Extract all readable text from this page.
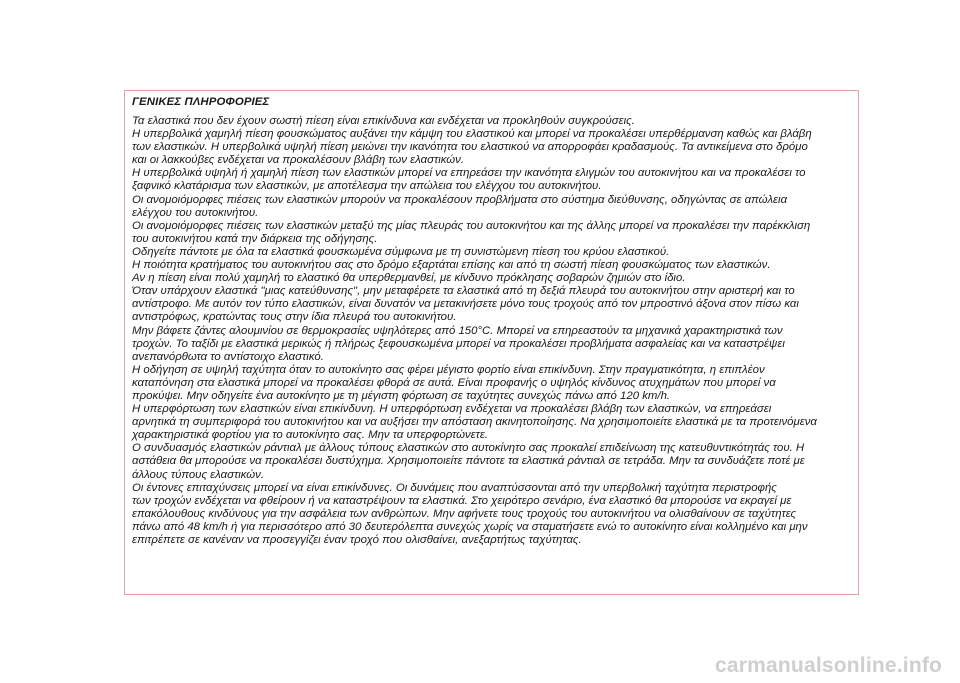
ΓΕΝΙΚΕΣ ΠΛΗΡΟΦΟΡΙΕΣ

Τα ελαστικά που δεν έχουν σωστή πίεση είναι επικίνδυνα και ενδέχεται να προκληθούν συγκρούσεις.

Η υπερβολικά χαμηλή πίεση φουσκώματος αυξάνει την κάμψη του ελαστικού και μπορεί να προκαλέσει υπερθέρμανση καθώς και βλάβη

των ελαστικών. Η υπερβολικά υψηλή πίεση μειώνει την ικανότητα του ελαστικού να απορροφάει κραδασμούς. Τα αντικείμενα στο δρόμο

και οι λακκούβες ενδέχεται να προκαλέσουν βλάβη των ελαστικών.

Η υπερβολικά υψηλή ή χαμηλή πίεση των ελαστικών μπορεί να επηρεάσει την ικανότητα ελιγμών του αυτοκινήτου και να προκαλέσει το

ξαφνικό κλατάρισμα των ελαστικών, με αποτέλεσμα την απώλεια του ελέγχου του αυτοκινήτου.

Οι ανομοιόμορφες πιέσεις των ελαστικών μπορούν να προκαλέσουν προβλήματα στο σύστημα διεύθυνσης, οδηγώντας σε απώλεια

ελέγχου του αυτοκινήτου.

Οι ανομοιόμορφες πιέσεις των ελαστικών μεταξύ της μίας πλευράς του αυτοκινήτου και της άλλης μπορεί να προκαλέσει την παρέκκλιση

του αυτοκινήτου κατά την διάρκεια της οδήγησης.

Οδηγείτε πάντοτε με όλα τα ελαστικά φουσκωμένα σύμφωνα με τη συνιστώμενη πίεση του κρύου ελαστικού.

Η ποιότητα κρατήματος του αυτοκινήτου σας στο δρόμο εξαρτάται επίσης και από τη σωστή πίεση φουσκώματος των ελαστικών.

Αν η πίεση είναι πολύ χαμηλή το ελαστικό θα υπερθερμανθεί, με κίνδυνο πρόκλησης σοβαρών ζημιών στο ίδιο.

Όταν υπάρχουν ελαστικά "μιας κατεύθυνσης", μην μεταφέρετε τα ελαστικά από τη δεξιά πλευρά του αυτοκινήτου στην αριστερή και το

αντίστροφο. Με αυτόν τον τύπο ελαστικών, είναι δυνατόν να μετακινήσετε μόνο τους τροχούς από τον μπροστινό άξονα στον πίσω και

αντιστρόφως, κρατώντας τους στην ίδια πλευρά του αυτοκινήτου.

Μην βάφετε ζάντες αλουμινίου σε θερμοκρασίες υψηλότερες από 150°C. Μπορεί να επηρεαστούν τα μηχανικά χαρακτηριστικά των

τροχών. Το ταξίδι με ελαστικά μερικώς ή πλήρως ξεφουσκωμένα μπορεί να προκαλέσει προβλήματα ασφαλείας και να καταστρέψει

ανεπανόρθωτα το αντίστοιχο ελαστικό.

Η οδήγηση σε υψηλή ταχύτητα όταν το αυτοκίνητο σας φέρει μέγιστο φορτίο είναι επικίνδυνη. Στην πραγματικότητα, η επιπλέον

καταπόνηση στα ελαστικά μπορεί να προκαλέσει φθορά σε αυτά. Είναι προφανής ο υψηλός κίνδυνος ατυχημάτων που μπορεί να

προκύψει. Μην οδηγείτε ένα αυτοκίνητο με τη μέγιστη φόρτωση σε ταχύτητες συνεχώς πάνω από 120 km/h.

Η υπερφόρτωση των ελαστικών είναι επικίνδυνη. Η υπερφόρτωση ενδέχεται να προκαλέσει βλάβη των ελαστικών, να επηρεάσει

αρνητικά τη συμπεριφορά του αυτοκινήτου και να αυξήσει την απόσταση ακινητοποίησης. Να χρησιμοποιείτε ελαστικά με τα προτεινόμενα

χαρακτηριστικά φορτίου για το αυτοκίνητο σας. Μην τα υπερφορτώνετε.

Ο συνδυασμός ελαστικών ράντιαλ με άλλους τύπους ελαστικών στο αυτοκίνητο σας προκαλεί επιδείνωση της κατευθυντικότητάς του. Η

αστάθεια θα μπορούσε να προκαλέσει δυστύχημα. Χρησιμοποιείτε πάντοτε τα ελαστικά ράντιαλ σε τετράδα. Μην τα συνδυάζετε ποτέ με

άλλους τύπους ελαστικών.

Οι έντονες επιταχύνσεις μπορεί να είναι επικίνδυνες. Οι δυνάμεις που αναπτύσσονται από την υπερβολική ταχύτητα περιστροφής

των τροχών ενδέχεται να φθείρουν ή να καταστρέψουν τα ελαστικά. Στο χειρότερο σενάριο, ένα ελαστικό θα μπορούσε να εκραγεί με

επακόλουθους κινδύνους για την ασφάλεια των ανθρώπων. Μην αφήνετε τους τροχούς του αυτοκινήτου να ολισθαίνουν σε ταχύτητες

πάνω από 48 km/h ή για περισσότερο από 30 δευτερόλεπτα συνεχώς χωρίς να σταματήσετε ενώ το αυτοκίνητο είναι κολλημένο και μην

επιτρέπετε σε κανέναν να προσεγγίζει έναν τροχό που ολισθαίνει, ανεξαρτήτως ταχύτητας.

carmanualsonline.info
